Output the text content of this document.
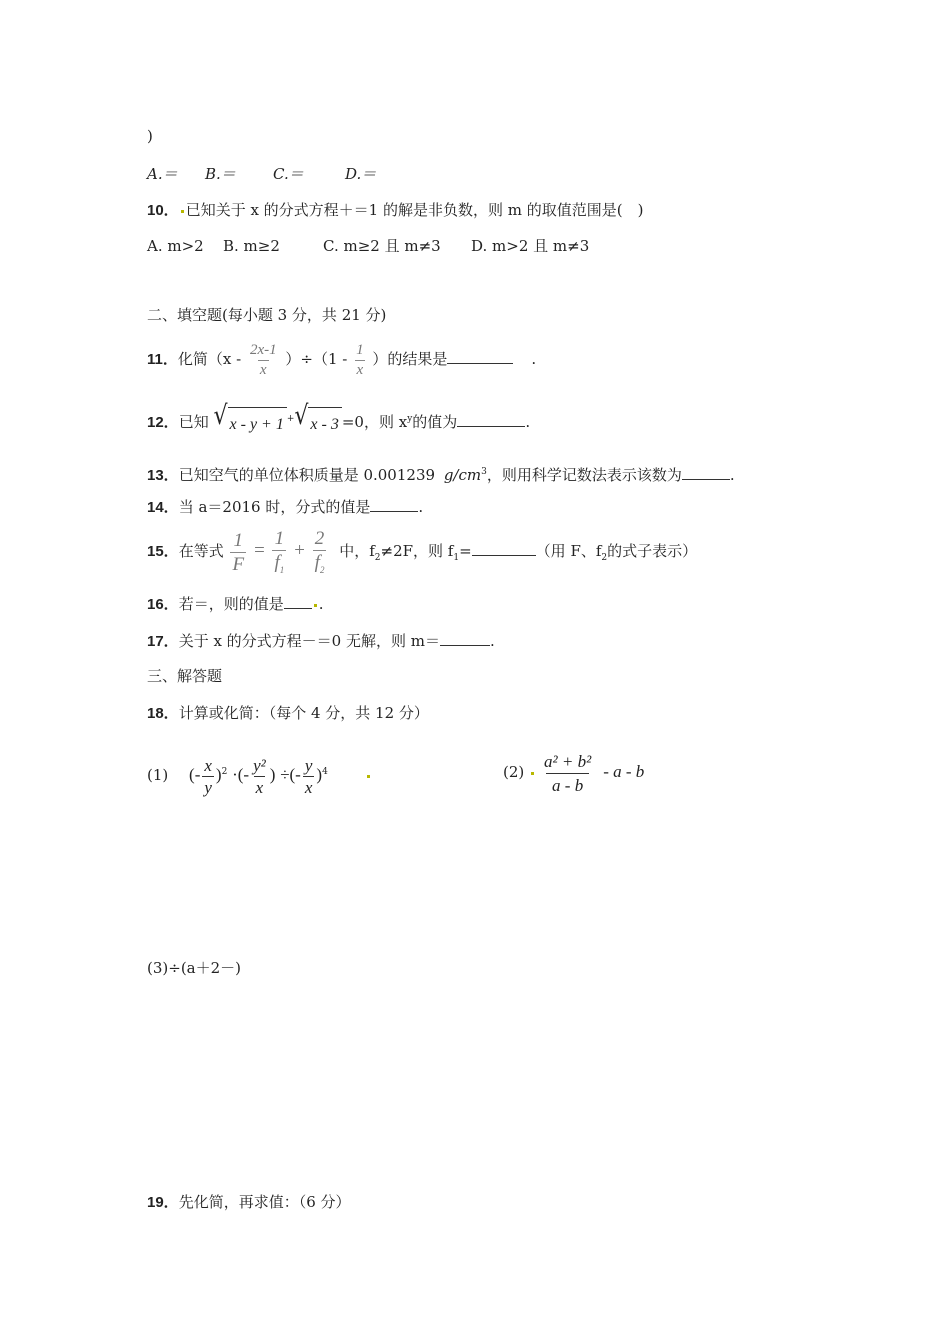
)
A.＝ B.＝ C.＝	D.＝
10． 已知关于 x 的分式方程＋＝1 的解是非负数，则 m 的取值范围是(　)
A. m>2 B. m≥2	C. m≥2 且 m≠3 D. m>2 且 m≠3
二、填空题(每小题 3 分，共 21 分)
11．化简$(x - \frac{2x-1}{x} )\div(1 - \frac{1}{x}$ ）的结果是	.
12．已知 √ x - y + 1 + √ x - 3 =0，则 $x^y$的值为	.
13．已知空气的单位体积质量是 0.001239 $g/cm^3$，则用科学记数法表示该数为	.
14．当 a＝2016 时，分式的值是	.
15．在等式 $\frac{1}{F} = \frac{1}{f_1} + \frac{2}{f_2}$ 中，$f_2\ne 2F$，则 $f_1=$	（用 F、$f_2$的式子表示）
16．若＝，则的值是 .
17．关于 x 的分式方程－＝0 无解，则 m＝	.
三、解答题
18．计算或化简：（每个 4 分，共 12 分）
(1) (- $\frac{x}{y} )^2$ ·(- $\frac{\text{y²}}{x}$ ) ÷(- $\frac{y}{x} )^4$	$(2) \frac{\text{a² + b²}}{a - b}$ - a - b
(3)÷(a＋2－)
19．先化简，再求值：（6 分）
